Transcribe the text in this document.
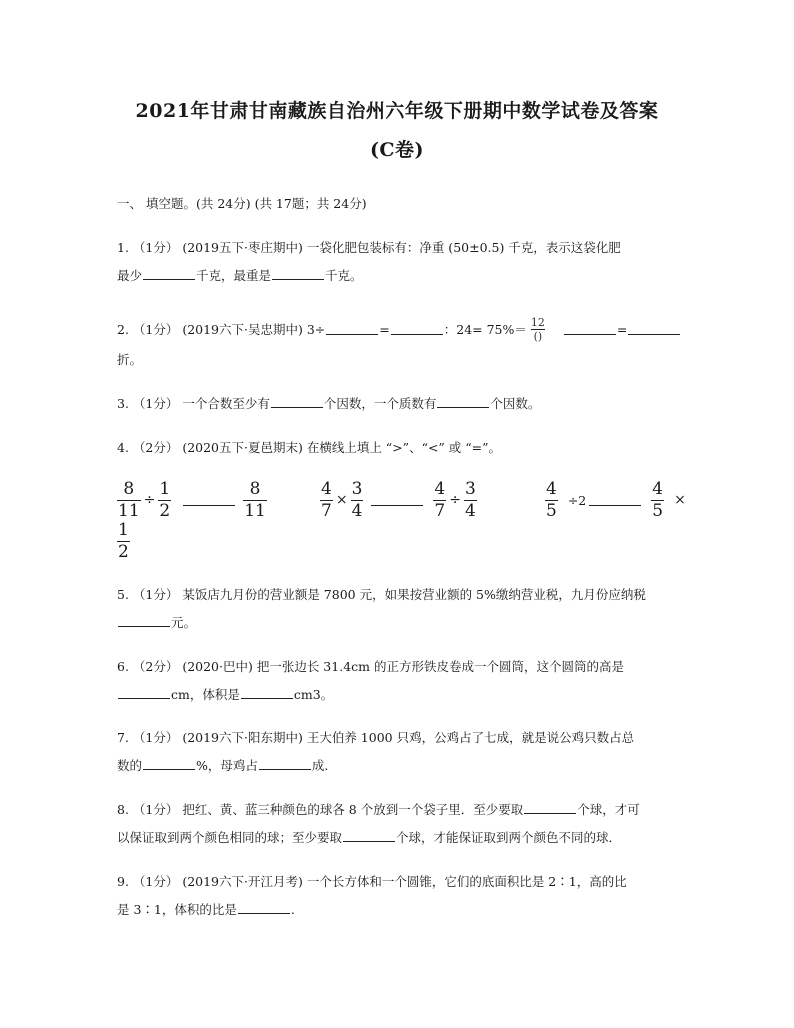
2021年甘肃甘南藏族自治州六年级下册期中数学试卷及答案
(C卷)
一、 填空题。(共 24分) (共 17题；共 24分)
1. （1分） (2019五下·枣庄期中) 一袋化肥包装标有：净重 (50±0.5) 千克，表示这袋化肥
最少	千克，最重是	千克。
2. （1分） (2019六下·吴忠期中) 3÷	=	：24= 75%＝ 12
()	=
折。
3. （1分） 一个合数至少有	个因数，一个质数有	个因数。
4. （2分） (2020五下·夏邑期末) 在横线上填上 “>”、“<” 或 “=”。
$\frac{8}{11} \div \frac{1}{2}$	$\frac{8}{11}$	$\frac{4}{7} \times \frac{3}{4}$	$\frac{4}{7} \div \frac{3}{4}$	$\frac{4}{5} \div 2$	$\frac{4}{5}$ ×
$\frac{1}{2}$
5. （1分） 某饭店九月份的营业额是 7800 元，如果按营业额的 5%缴纳营业税，九月份应纳税
元。
6. （2分） (2020·巴中) 把一张边长 31.4cm 的正方形铁皮卷成一个圆筒，这个圆筒的高是
cm，体积是	cm3。
7. （1分） (2019六下·阳东期中) 王大伯养 1000 只鸡，公鸡占了七成，就是说公鸡只数占总
数的	%，母鸡占	成.
8. （1分） 把红、黄、蓝三种颜色的球各 8 个放到一个袋子里．至少要取	个球，才可
以保证取到两个颜色相同的球；至少要取	个球，才能保证取到两个颜色不同的球．
9. （1分） (2019六下·开江月考) 一个长方体和一个圆锥，它们的底面积比是 2∶1，高的比
是 3∶1，体积的比是	.
